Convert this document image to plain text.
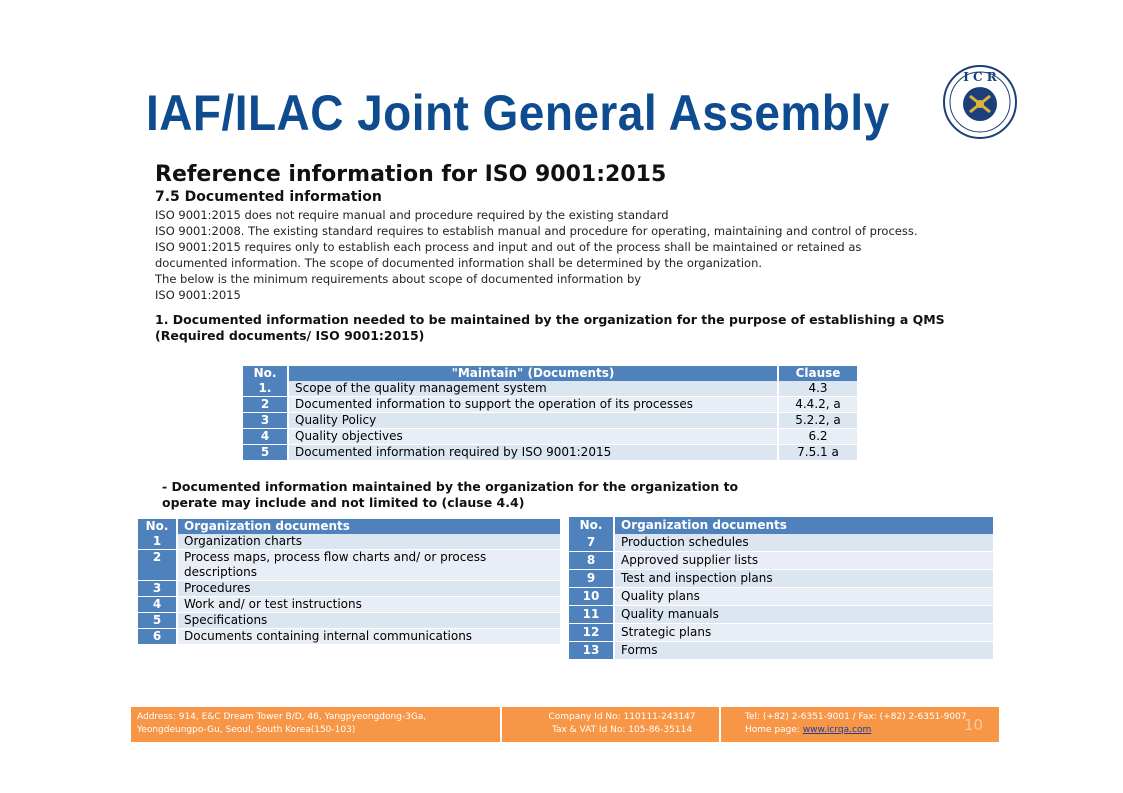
IAF/ILAC Joint General Assembly
I C R
Reference information for ISO 9001:2015
7.5 Documented information
ISO 9001:2015 does not require manual and procedure required by the existing standard
ISO 9001:2008. The existing standard requires to establish manual and procedure for operating, maintaining and control of process.
ISO 9001:2015 requires only to establish each process and input and out of the process shall be maintained or retained as
documented information. The scope of documented information shall be determined by the organization.
The below is the minimum requirements about scope of documented information by
ISO 9001:2015
1. Documented information needed to be maintained by the organization for the purpose of establishing a QMS (Required documents/ ISO 9001:2015)
No.	"Maintain" (Documents)	Clause
1.	Scope of the quality management system	4.3
2	Documented information to support the operation of its processes	4.4.2, a
3	Quality Policy	5.2.2, a
4	Quality objectives	6.2
5	Documented information required by ISO 9001:2015	7.5.1 a
- Documented information maintained by the organization for the organization to operate may include and not limited to (clause 4.4)
No.	Organization documents
1	Organization charts
2	Process maps, process flow charts and/ or process descriptions
3	Procedures
4	Work and/ or test instructions
5	Specifications
6	Documents containing internal communications
No.	Organization documents
7	Production schedules
8	Approved supplier lists
9	Test and inspection plans
10	Quality plans
11	Quality manuals
12	Strategic plans
13	Forms
Address: 914, E&C Dream Tower B/D, 46, Yangpyeongdong-3Ga,
Yeongdeungpo-Gu, Seoul, South Korea(150-103)
Company Id No: 110111-243147
Tax & VAT Id No: 105-86-35114
Tel: (+82) 2-6351-9001 / Fax: (+82) 2-6351-9007
Home page: www.icrqa.com	10
